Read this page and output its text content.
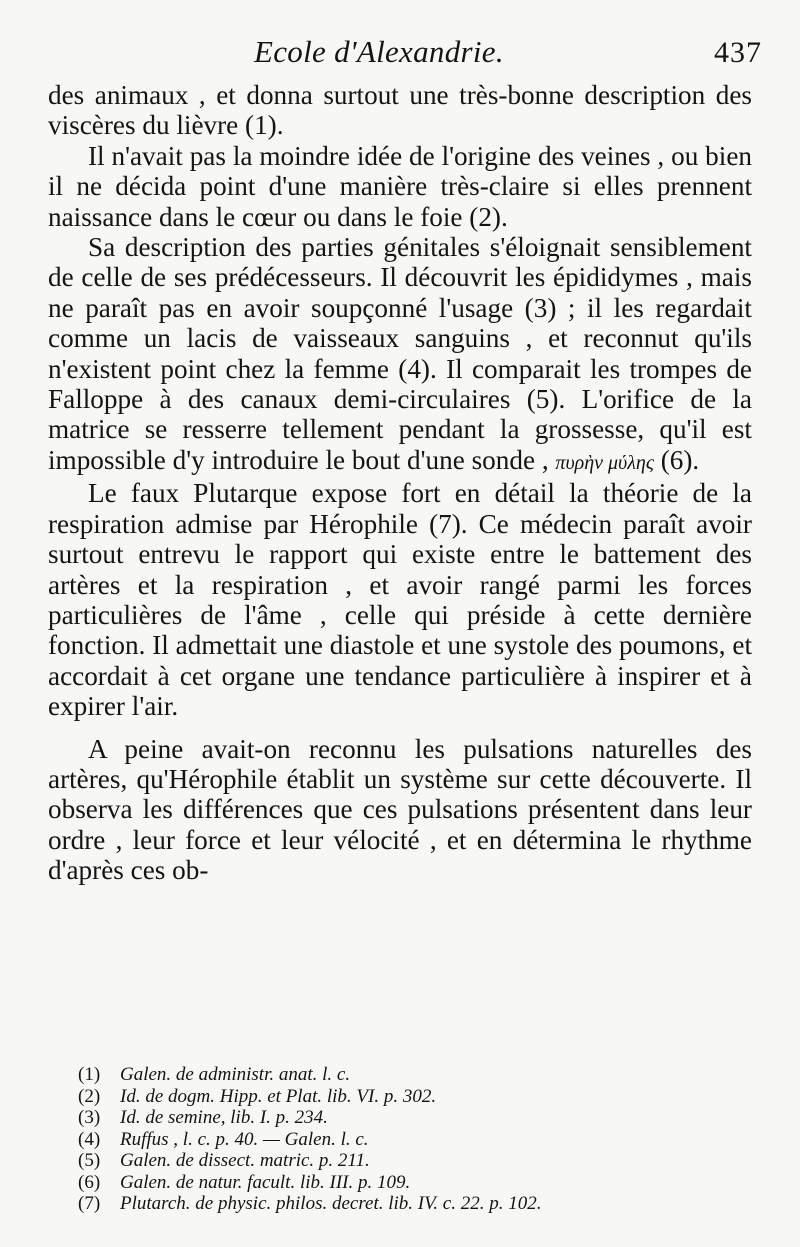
Ecole d'Alexandrie.	437

des animaux , et donna surtout une très-bonne description des viscères du lièvre (1).

Il n'avait pas la moindre idée de l'origine des veines , ou bien il ne décida point d'une manière très-claire si elles prennent naissance dans le cœur ou dans le foie (2).

Sa description des parties génitales s'éloignait sensiblement de celle de ses prédécesseurs. Il découvrit les épididymes , mais ne paraît pas en avoir soupçonné l'usage (3) ; il les regardait comme un lacis de vaisseaux sanguins , et reconnut qu'ils n'existent point chez la femme (4). Il comparait les trompes de Falloppe à des canaux demi-circulaires (5). L'orifice de la matrice se resserre tellement pendant la grossesse, qu'il est impossible d'y introduire le bout d'une sonde , πυρὴν μύλης (6).

Le faux Plutarque expose fort en détail la théorie de la respiration admise par Hérophile (7). Ce médecin paraît avoir surtout entrevu le rapport qui existe entre le battement des artères et la respiration , et avoir rangé parmi les forces particulières de l'âme , celle qui préside à cette dernière fonction. Il admettait une diastole et une systole des poumons, et accordait à cet organe une tendance particulière à inspirer et à expirer l'air.

A peine avait-on reconnu les pulsations naturelles des artères, qu'Hérophile établit un système sur cette découverte. Il observa les différences que ces pulsations présentent dans leur ordre , leur force et leur vélocité , et en détermina le rhythme d'après ces ob-

(1) Galen. de administr. anat. l. c.
(2) Id. de dogm. Hipp. et Plat. lib. VI. p. 302.
(3) Id. de semine, lib. I. p. 234.
(4) Ruffus , l. c. p. 40. — Galen. l. c.
(5) Galen. de dissect. matric. p. 211.
(6) Galen. de natur. facult. lib. III. p. 109.
(7) Plutarch. de physic. philos. decret. lib. IV. c. 22. p. 102.
